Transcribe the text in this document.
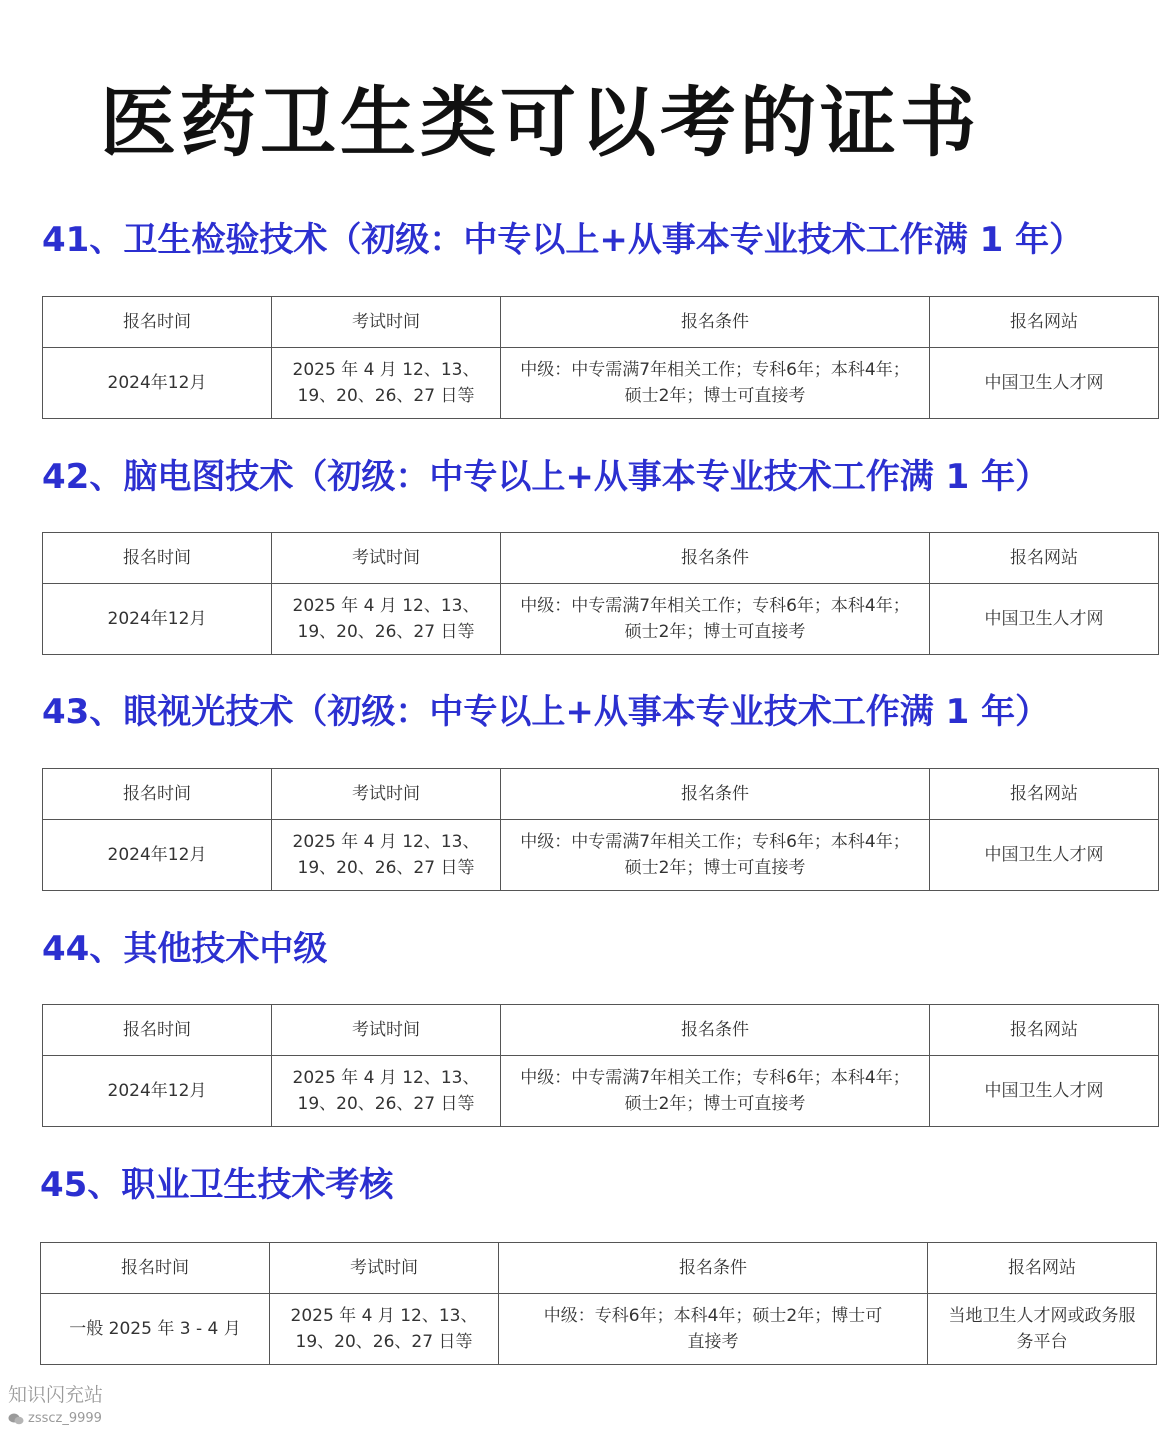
医药卫生类可以考的证书
41、卫生检验技术（初级：中专以上+从事本专业技术工作满 1 年）
报名时间	考试时间	报名条件	报名网站
2024年12月	2025 年 4 月 12、13、19、20、26、27 日等	中级：中专需满7年相关工作；专科6年；本科4年；硕士2年；博士可直接考	中国卫生人才网
42、脑电图技术（初级：中专以上+从事本专业技术工作满 1 年）
报名时间	考试时间	报名条件	报名网站
2024年12月	2025 年 4 月 12、13、19、20、26、27 日等	中级：中专需满7年相关工作；专科6年；本科4年；硕士2年；博士可直接考	中国卫生人才网
43、眼视光技术（初级：中专以上+从事本专业技术工作满 1 年）
报名时间	考试时间	报名条件	报名网站
2024年12月	2025 年 4 月 12、13、19、20、26、27 日等	中级：中专需满7年相关工作；专科6年；本科4年；硕士2年；博士可直接考	中国卫生人才网
44、其他技术中级
报名时间	考试时间	报名条件	报名网站
2024年12月	2025 年 4 月 12、13、19、20、26、27 日等	中级：中专需满7年相关工作；专科6年；本科4年；硕士2年；博士可直接考	中国卫生人才网
45、职业卫生技术考核
报名时间	考试时间	报名条件	报名网站
一般 2025 年 3 - 4 月	2025 年 4 月 12、13、19、20、26、27 日等	中级：专科6年；本科4年；硕士2年；博士可直接考	当地卫生人才网或政务服务平台
知识闪充站
zsscz_9999
